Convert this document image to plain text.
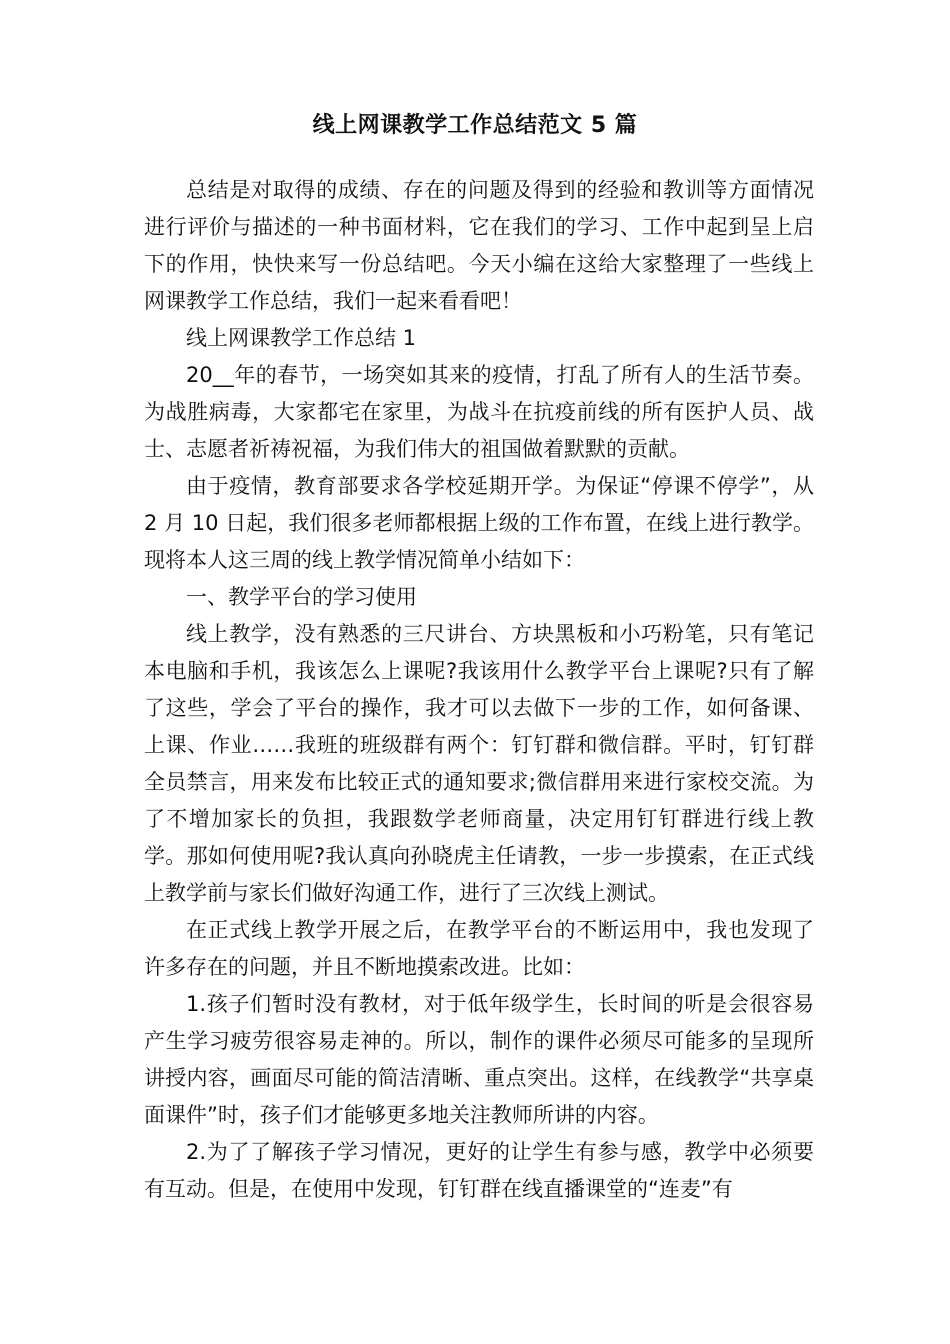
线上网课教学工作总结范文 5 篇

总结是对取得的成绩、存在的问题及得到的经验和教训等方面情况进行评价与描述的一种书面材料，它在我们的学习、工作中起到呈上启下的作用，快快来写一份总结吧。今天小编在这给大家整理了一些线上网课教学工作总结，我们一起来看看吧！

线上网课教学工作总结 1

20__年的春节，一场突如其来的疫情，打乱了所有人的生活节奏。为战胜病毒，大家都宅在家里，为战斗在抗疫前线的所有医护人员、战士、志愿者祈祷祝福，为我们伟大的祖国做着默默的贡献。

由于疫情，教育部要求各学校延期开学。为保证“停课不停学”，从 2 月 10 日起，我们很多老师都根据上级的工作布置，在线上进行教学。现将本人这三周的线上教学情况简单小结如下：

一、教学平台的学习使用

线上教学，没有熟悉的三尺讲台、方块黑板和小巧粉笔，只有笔记本电脑和手机，我该怎么上课呢?我该用什么教学平台上课呢?只有了解了这些，学会了平台的操作，我才可以去做下一步的工作，如何备课、上课、作业……我班的班级群有两个：钉钉群和微信群。平时，钉钉群全员禁言，用来发布比较正式的通知要求;微信群用来进行家校交流。为了不增加家长的负担，我跟数学老师商量，决定用钉钉群进行线上教学。那如何使用呢?我认真向孙晓虎主任请教，一步一步摸索，在正式线上教学前与家长们做好沟通工作，进行了三次线上测试。

在正式线上教学开展之后，在教学平台的不断运用中，我也发现了许多存在的问题，并且不断地摸索改进。比如：

1.孩子们暂时没有教材，对于低年级学生，长时间的听是会很容易产生学习疲劳很容易走神的。所以，制作的课件必须尽可能多的呈现所讲授内容，画面尽可能的简洁清晰、重点突出。这样，在线教学“共享桌面课件”时，孩子们才能够更多地关注教师所讲的内容。

2.为了了解孩子学习情况，更好的让学生有参与感，教学中必须要有互动。但是，在使用中发现，钉钉群在线直播课堂的“连麦”有
